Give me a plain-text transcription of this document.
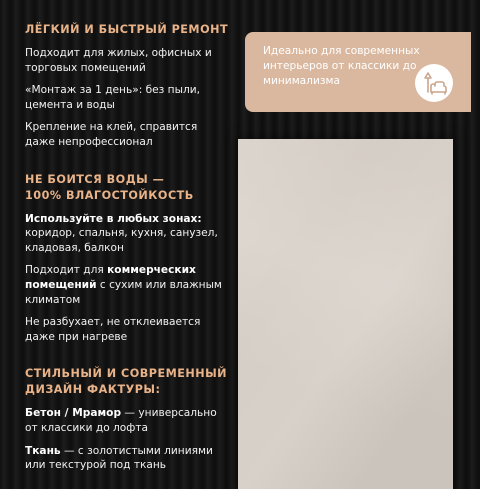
ЛЁГКИЙ И БЫСТРЫЙ РЕМОНТ
Подходит для жилых, офисных и торговых помещений
«Монтаж за 1 день»: без пыли, цемента и воды
Крепление на клей, справится даже непрофессионал
НЕ БОИТСЯ ВОДЫ —
100% ВЛАГОСТОЙКОСТЬ
Используйте в любых зонах: коридор, спальня, кухня, санузел, кладовая, балкон
Подходит для коммерческих помещений с сухим или влажным климатом
Не разбухает, не отклеивается даже при нагреве
СТИЛЬНЫЙ И СОВРЕМЕННЫЙ
ДИЗАЙН ФАКТУРЫ:
Бетон / Мрамор — универсально от классики до лофта
Ткань — с золотистыми линиями или текстурой под ткань
Идеально для современных интерьеров от классики до минимализма
